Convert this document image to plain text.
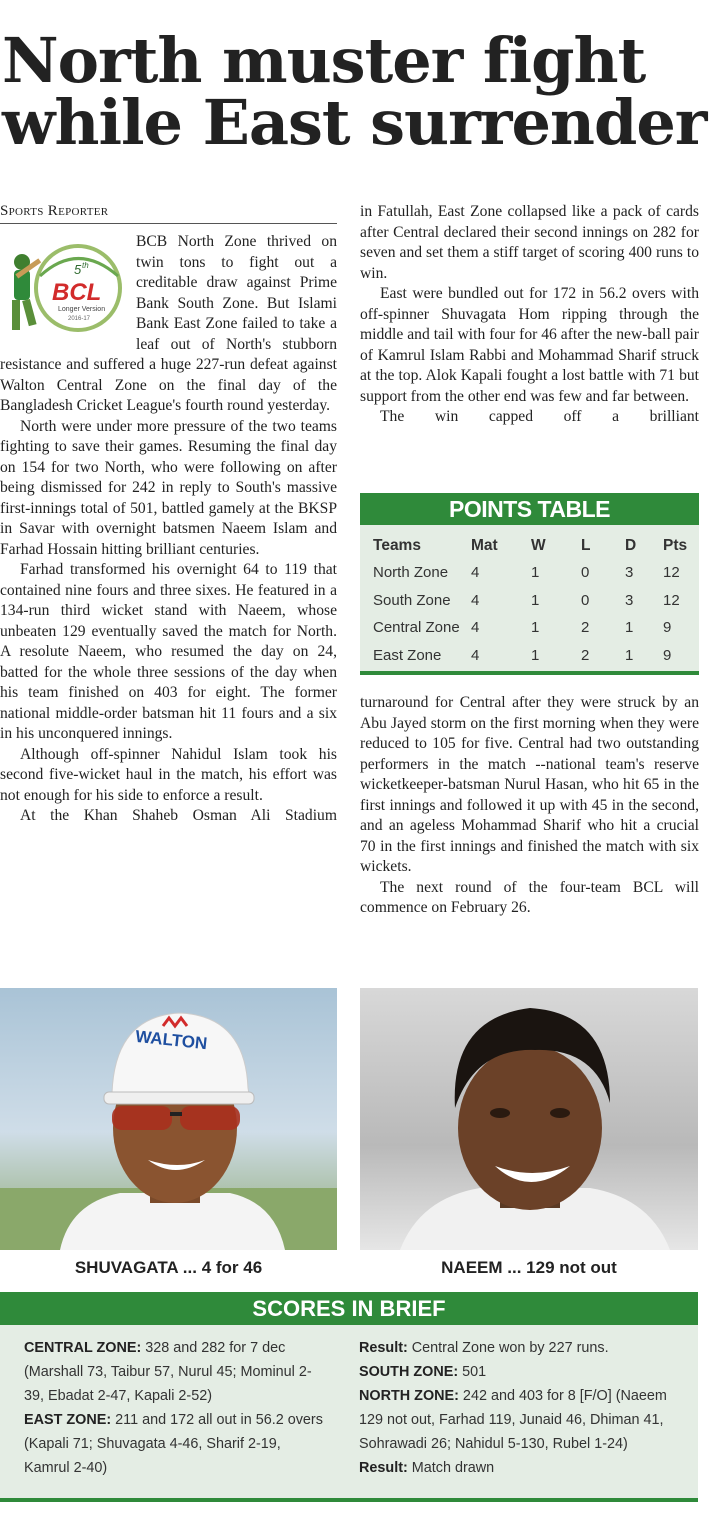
North muster fight
while East surrender
Sports Reporter
5 th
BCL
Longer Version
2016-17

BCB North Zone thrived on twin tons to fight out a creditable draw against Prime Bank South Zone. But Islami Bank East Zone failed to take a leaf out of North's stubborn resistance and suffered a huge 227-run defeat against Walton Central Zone on the final day of the Bangladesh Cricket League's fourth round yesterday.

North were under more pressure of the two teams fighting to save their games. Resuming the final day on 154 for two North, who were following on after being dismissed for 242 in reply to South's massive first-innings total of 501, battled gamely at the BKSP in Savar with overnight batsmen Naeem Islam and Farhad Hossain hitting brilliant centuries.

Farhad transformed his overnight 64 to 119 that contained nine fours and three sixes. He featured in a 134-run third wicket stand with Naeem, whose unbeaten 129 eventually saved the match for North. A resolute Naeem, who resumed the day on 24, batted for the whole three sessions of the day when his team finished on 403 for eight. The former national middle-order batsman hit 11 fours and a six in his unconquered innings.

Although off-spinner Nahidul Islam took his second five-wicket haul in the match, his effort was not enough for his side to enforce a result.

At the Khan Shaheb Osman Ali Stadium

in Fatullah, East Zone collapsed like a pack of cards after Central declared their second innings on 282 for seven and set them a stiff target of scoring 400 runs to win.

East were bundled out for 172 in 56.2 overs with off-spinner Shuvagata Hom ripping through the middle and tail with four for 46 after the new-ball pair of Kamrul Islam Rabbi and Mohammad Sharif struck at the top. Alok Kapali fought a lost battle with 71 but support from the other end was few and far between.

The win capped off a brilliant

POINTS TABLE
Teams	Mat	W	L	D	Pts
North Zone	4	1	0	3	12
South Zone	4	1	0	3	12
Central Zone	4	1	2	1	9
East Zone	4	1	2	1	9

turnaround for Central after they were struck by an Abu Jayed storm on the first morning when they were reduced to 105 for five. Central had two outstanding performers in the match --national team's reserve wicketkeeper-batsman Nurul Hasan, who hit 65 in the first innings and followed it up with 45 in the second, and an ageless Mohammad Sharif who hit a crucial 70 in the first innings and finished the match with six wickets.

The next round of the four-team BCL will commence on February 26.

WALTON
SHUVAGATA ... 4 for 46	NAEEM ... 129 not out
SCORES IN BRIEF

CENTRAL ZONE: 328 and 282 for 7 dec (Marshall 73, Taibur 57, Nurul 45; Mominul 2-39, Ebadat 2-47, Kapali 2-52)

EAST ZONE: 211 and 172 all out in 56.2 overs (Kapali 71; Shuvagata 4-46, Sharif 2-19, Kamrul 2-40)

Result: Central Zone won by 227 runs.

SOUTH ZONE: 501

NORTH ZONE: 242 and 403 for 8 [F/O] (Naeem 129 not out, Farhad 119, Junaid 46, Dhiman 41, Sohrawadi 26; Nahidul 5-130, Rubel 1-24)

Result: Match drawn
